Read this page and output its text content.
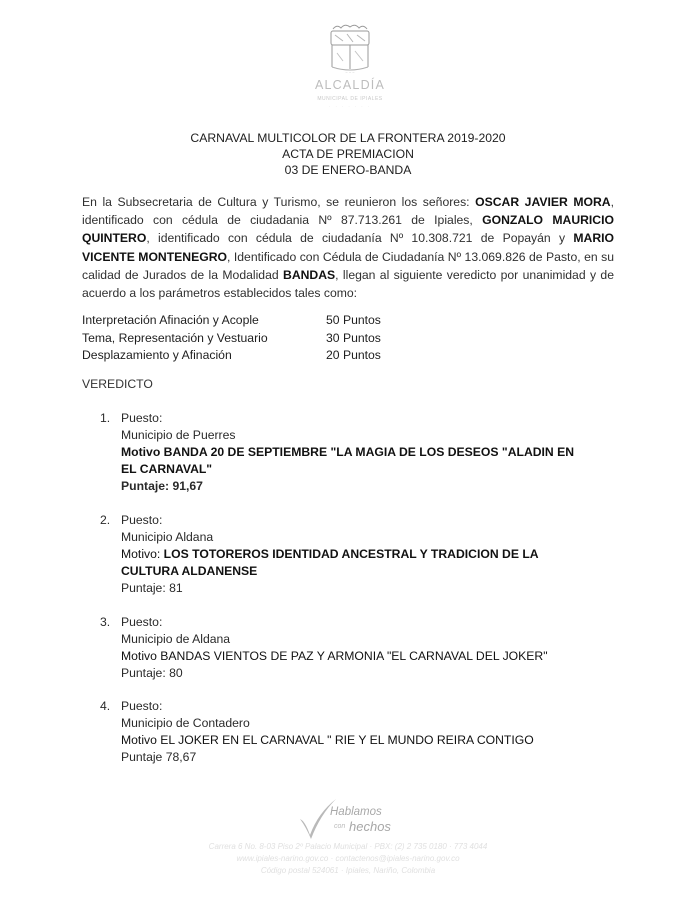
~ ~ ~
ALCALDÍA
MUNICIPAL DE IPIALES
· · · · · · ·
CARNAVAL MULTICOLOR DE LA FRONTERA 2019-2020
ACTA DE PREMIACION
03 DE ENERO-BANDA
En la Subsecretaria de Cultura y Turismo, se reunieron los señores: OSCAR JAVIER MORA, identificado con cédula de ciudadania Nº 87.713.261 de Ipiales, GONZALO MAURICIO QUINTERO, identificado con cédula de ciudadanía Nº 10.308.721 de Popayán y MARIO VICENTE MONTENEGRO, Identificado con Cédula de Ciudadanía Nº 13.069.826 de Pasto, en su calidad de Jurados de la Modalidad BANDAS, llegan al siguiente veredicto por unanimidad y de acuerdo a los parámetros establecidos tales como:
Interpretación Afinación y Acople	50 Puntos
Tema, Representación y Vestuario	30 Puntos
Desplazamiento y Afinación	20 Puntos
VEREDICTO
1. Puesto:
Municipio de Puerres
Motivo BANDA 20 DE SEPTIEMBRE "LA MAGIA DE LOS DESEOS "ALADIN EN EL CARNAVAL"
Puntaje: 91,67
2. Puesto:
Municipio Aldana
Motivo: LOS TOTOREROS IDENTIDAD ANCESTRAL Y TRADICION DE LA CULTURA ALDANENSE
Puntaje: 81
3. Puesto:
Municipio de Aldana
Motivo BANDAS VIENTOS DE PAZ Y ARMONIA "EL CARNAVAL DEL JOKER"
Puntaje: 80
4. Puesto:
Municipio de Contadero
Motivo EL JOKER EN EL CARNAVAL " RIE Y EL MUNDO REIRA CONTIGO
Puntaje 78,67
Hablamos
con hechos
Carrera 6 No. 8-03 Piso 2º Palacio Municipal · PBX: (2) 2 735 0180 · 773 4044
www.ipiales-narino.gov.co · contactenos@ipiales-narino.gov.co
Código postal 524061 · Ipiales, Nariño, Colombia
